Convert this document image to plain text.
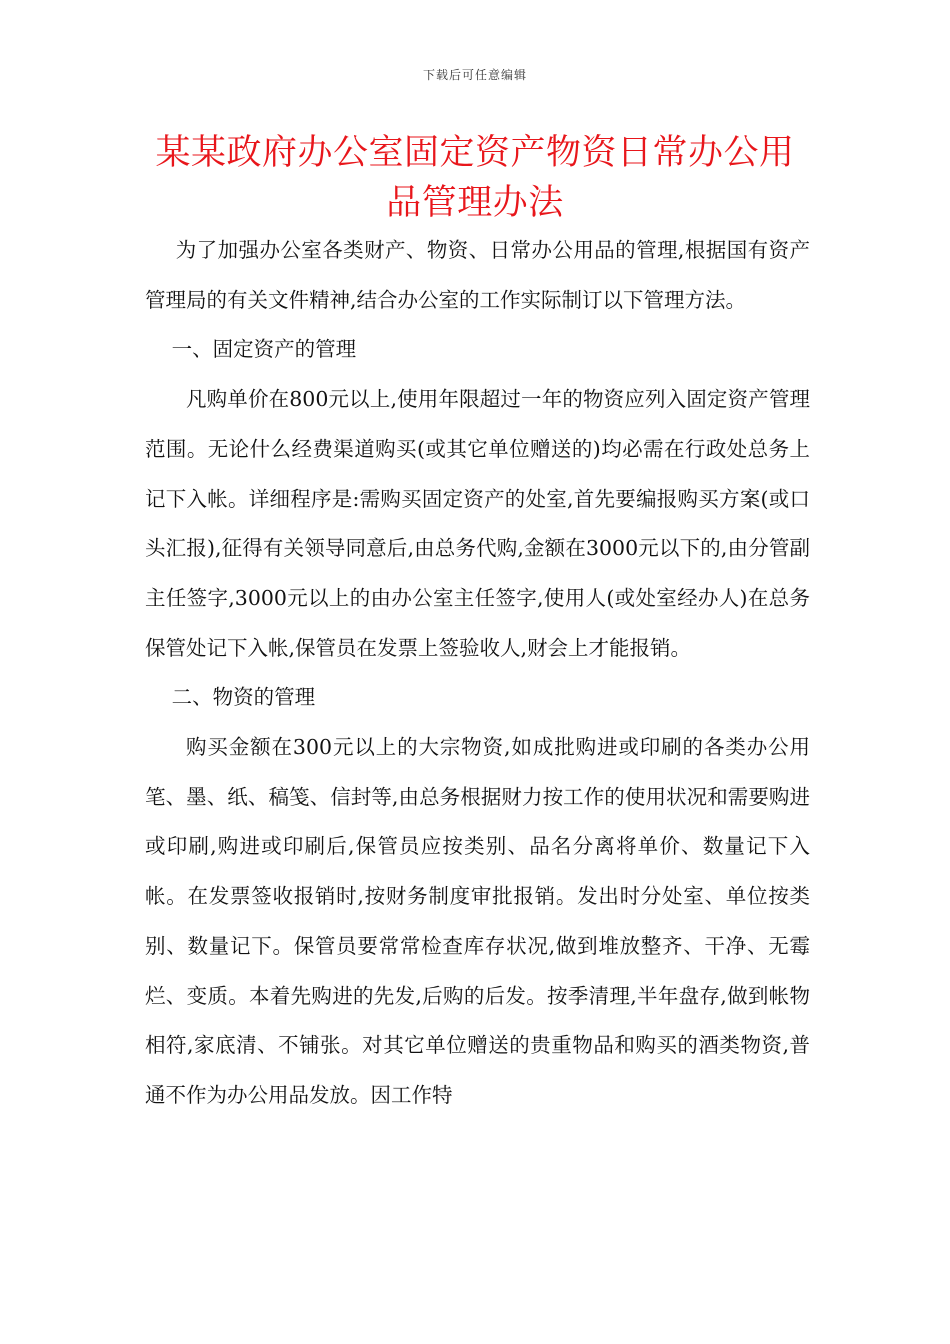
下载后可任意编辑
某某政府办公室固定资产物资日常办公用品管理办法

为了加强办公室各类财产、物资、日常办公用品的管理,根据国有资产管理局的有关文件精神,结合办公室的工作实际制订以下管理方法。

一、固定资产的管理

凡购单价在800元以上,使用年限超过一年的物资应列入固定资产管理范围。无论什么经费渠道购买(或其它单位赠送的)均必需在行政处总务上记下入帐。详细程序是:需购买固定资产的处室,首先要编报购买方案(或口头汇报),征得有关领导同意后,由总务代购,金额在3000元以下的,由分管副主任签字,3000元以上的由办公室主任签字,使用人(或处室经办人)在总务保管处记下入帐,保管员在发票上签验收人,财会上才能报销。

二、物资的管理

购买金额在300元以上的大宗物资,如成批购进或印刷的各类办公用笔、墨、纸、稿笺、信封等,由总务根据财力按工作的使用状况和需要购进或印刷,购进或印刷后,保管员应按类别、品名分离将单价、数量记下入帐。在发票签收报销时,按财务制度审批报销。发出时分处室、单位按类别、数量记下。保管员要常常检查库存状况,做到堆放整齐、干净、无霉烂、变质。本着先购进的先发,后购的后发。按季清理,半年盘存,做到帐物相符,家底清、不铺张。对其它单位赠送的贵重物品和购买的酒类物资,普通不作为办公用品发放。因工作特
